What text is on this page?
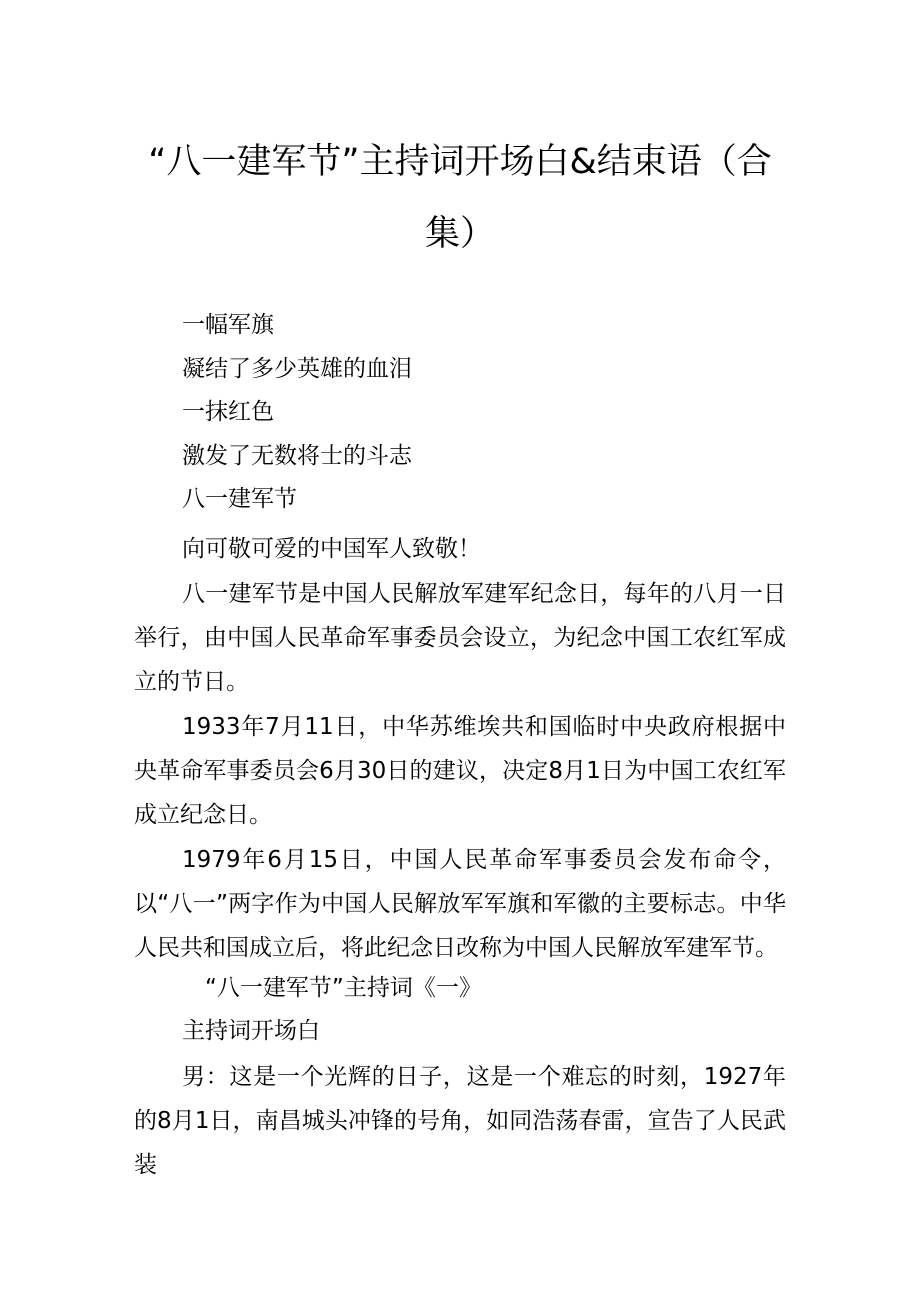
“八一建军节”主持词开场白&结束语（合
集）

一幅军旗

凝结了多少英雄的血泪

一抹红色

激发了无数将士的斗志

八一建军节

向可敬可爱的中国军人致敬！

八一建军节是中国人民解放军建军纪念日，每年的八月一日举行，由中国人民革命军事委员会设立，为纪念中国工农红军成立的节日。

1933年7月11日，中华苏维埃共和国临时中央政府根据中央革命军事委员会6月30日的建议，决定8月1日为中国工农红军成立纪念日。

1979年6月15日，中国人民革命军事委员会发布命令，以“八一”两字作为中国人民解放军军旗和军徽的主要标志。中华人民共和国成立后，将此纪念日改称为中国人民解放军建军节。

“八一建军节”主持词《一》

主持词开场白

男：这是一个光辉的日子，这是一个难忘的时刻，1927年的8月1日，南昌城头冲锋的号角，如同浩荡春雷，宣告了人民武装
